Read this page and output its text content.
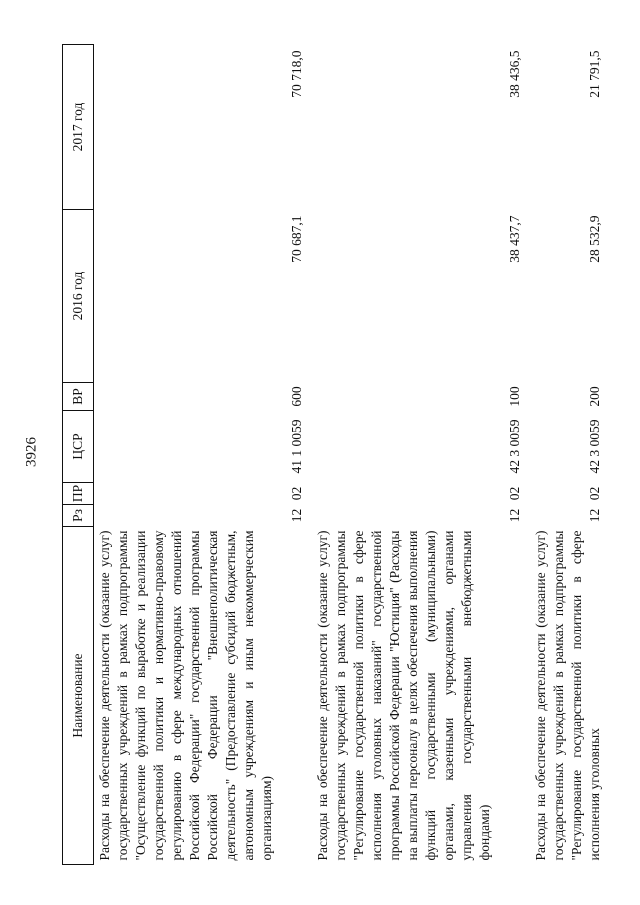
3926
Наименование	Рз	ПР	ЦСР	ВР	2016 год	2017 год
Расходы на обеспечение деятельности (оказание услуг) государственных учреждений в рамках подпрограммы "Осуществление функций по выработке и реализации государственной политики и нормативно-правовому регулированию в сфере международных отношений Российской Федерации" государственной программы Российской Федерации "Внешнеполитическая деятельность" (Предоставление субсидий бюджетным, автономным учреждениям и иным некоммерческим организациям)	12	02	41 1 0059	600	70 687,1	70 718,0
Расходы на обеспечение деятельности (оказание услуг) государственных учреждений в рамках подпрограммы "Регулирование государственной политики в сфере исполнения уголовных наказаний" государственной программы Российской Федерации "Юстиция" (Расходы на выплаты персоналу в целях обеспечения выполнения функций государственными (муниципальными) органами, казенными учреждениями, органами управления государственными внебюджетными фондами)	12	02	42 3 0059	100	38 437,7	38 436,5
Расходы на обеспечение деятельности (оказание услуг) государственных учреждений в рамках подпрограммы "Регулирование государственной политики в сфере исполнения уголовных	12	02	42 3 0059	200	28 532,9	21 791,5
